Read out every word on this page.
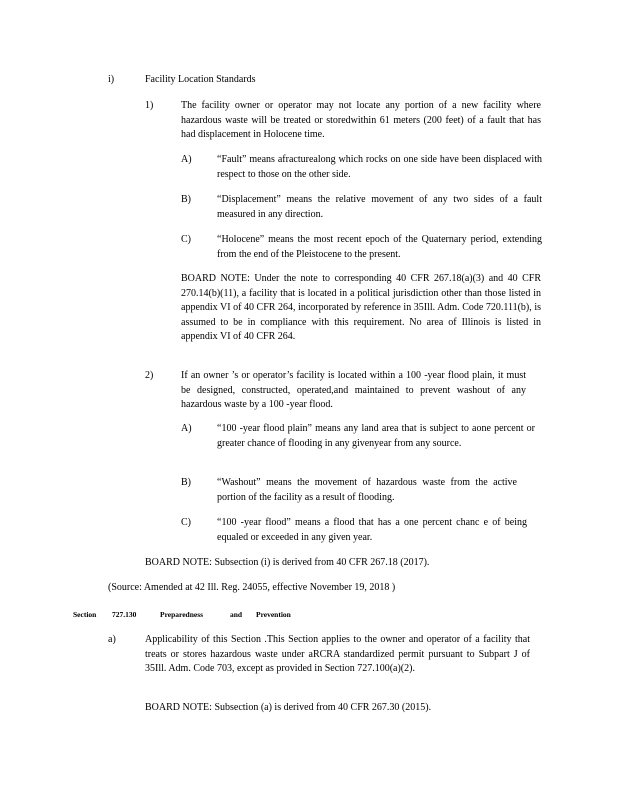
i)	Facility Location Standards
1)	The facility owner or operator may not locate any portion of a new facility where hazardous waste will be treated or storedwithin 61 meters (200 feet) of a fault that has had displacement in Holocene time.
A)	“Fault” means afracturealong which rocks on one side have been displaced with respect to those on the other side.
B)	“Displacement” means the relative movement of any two sides of a fault measured in any direction.
C)	“Holocene” means the most recent epoch of the Quaternary period, extending from the end of the Pleistocene to the present.
BOARD NOTE: Under the note to corresponding 40 CFR 267.18(a)(3) and 40 CFR 270.14(b)(11), a facility that is located in a political jurisdiction other than those listed in appendix VI of 40 CFR 264, incorporated by reference in 35Ill. Adm. Code 720.111(b), is assumed to be in compliance with this requirement. No area of Illinois is listed in appendix VI of 40 CFR 264.
2)	If an owner ’s or operator’s facility is located within a 100 -year flood plain, it must be designed, constructed, operated,and maintained to prevent washout of any hazardous waste by a 100 -year flood.
A)	“100 -year flood plain” means any land area that is subject to aone percent or greater chance of flooding in any givenyear from any source.
B)	“Washout” means the movement of hazardous waste from the active portion of the facility as a result of flooding.
C)	“100 -year flood” means a flood that has a one percent chanc e of being equaled or exceeded in any given year.
BOARD NOTE: Subsection (i) is derived from 40 CFR 267.18 (2017).
(Source: Amended at 42 Ill. Reg. 24055, effective November 19, 2018 )
Section 727.130	Preparedness	and Prevention
a)	Applicability of this Section .This Section applies to the owner and operator of a facility that treats or stores hazardous waste under aRCRA standardized permit pursuant to Subpart J of 35Ill. Adm. Code 703, except as provided in Section 727.100(a)(2).
BOARD NOTE: Subsection (a) is derived from 40 CFR 267.30 (2015).
